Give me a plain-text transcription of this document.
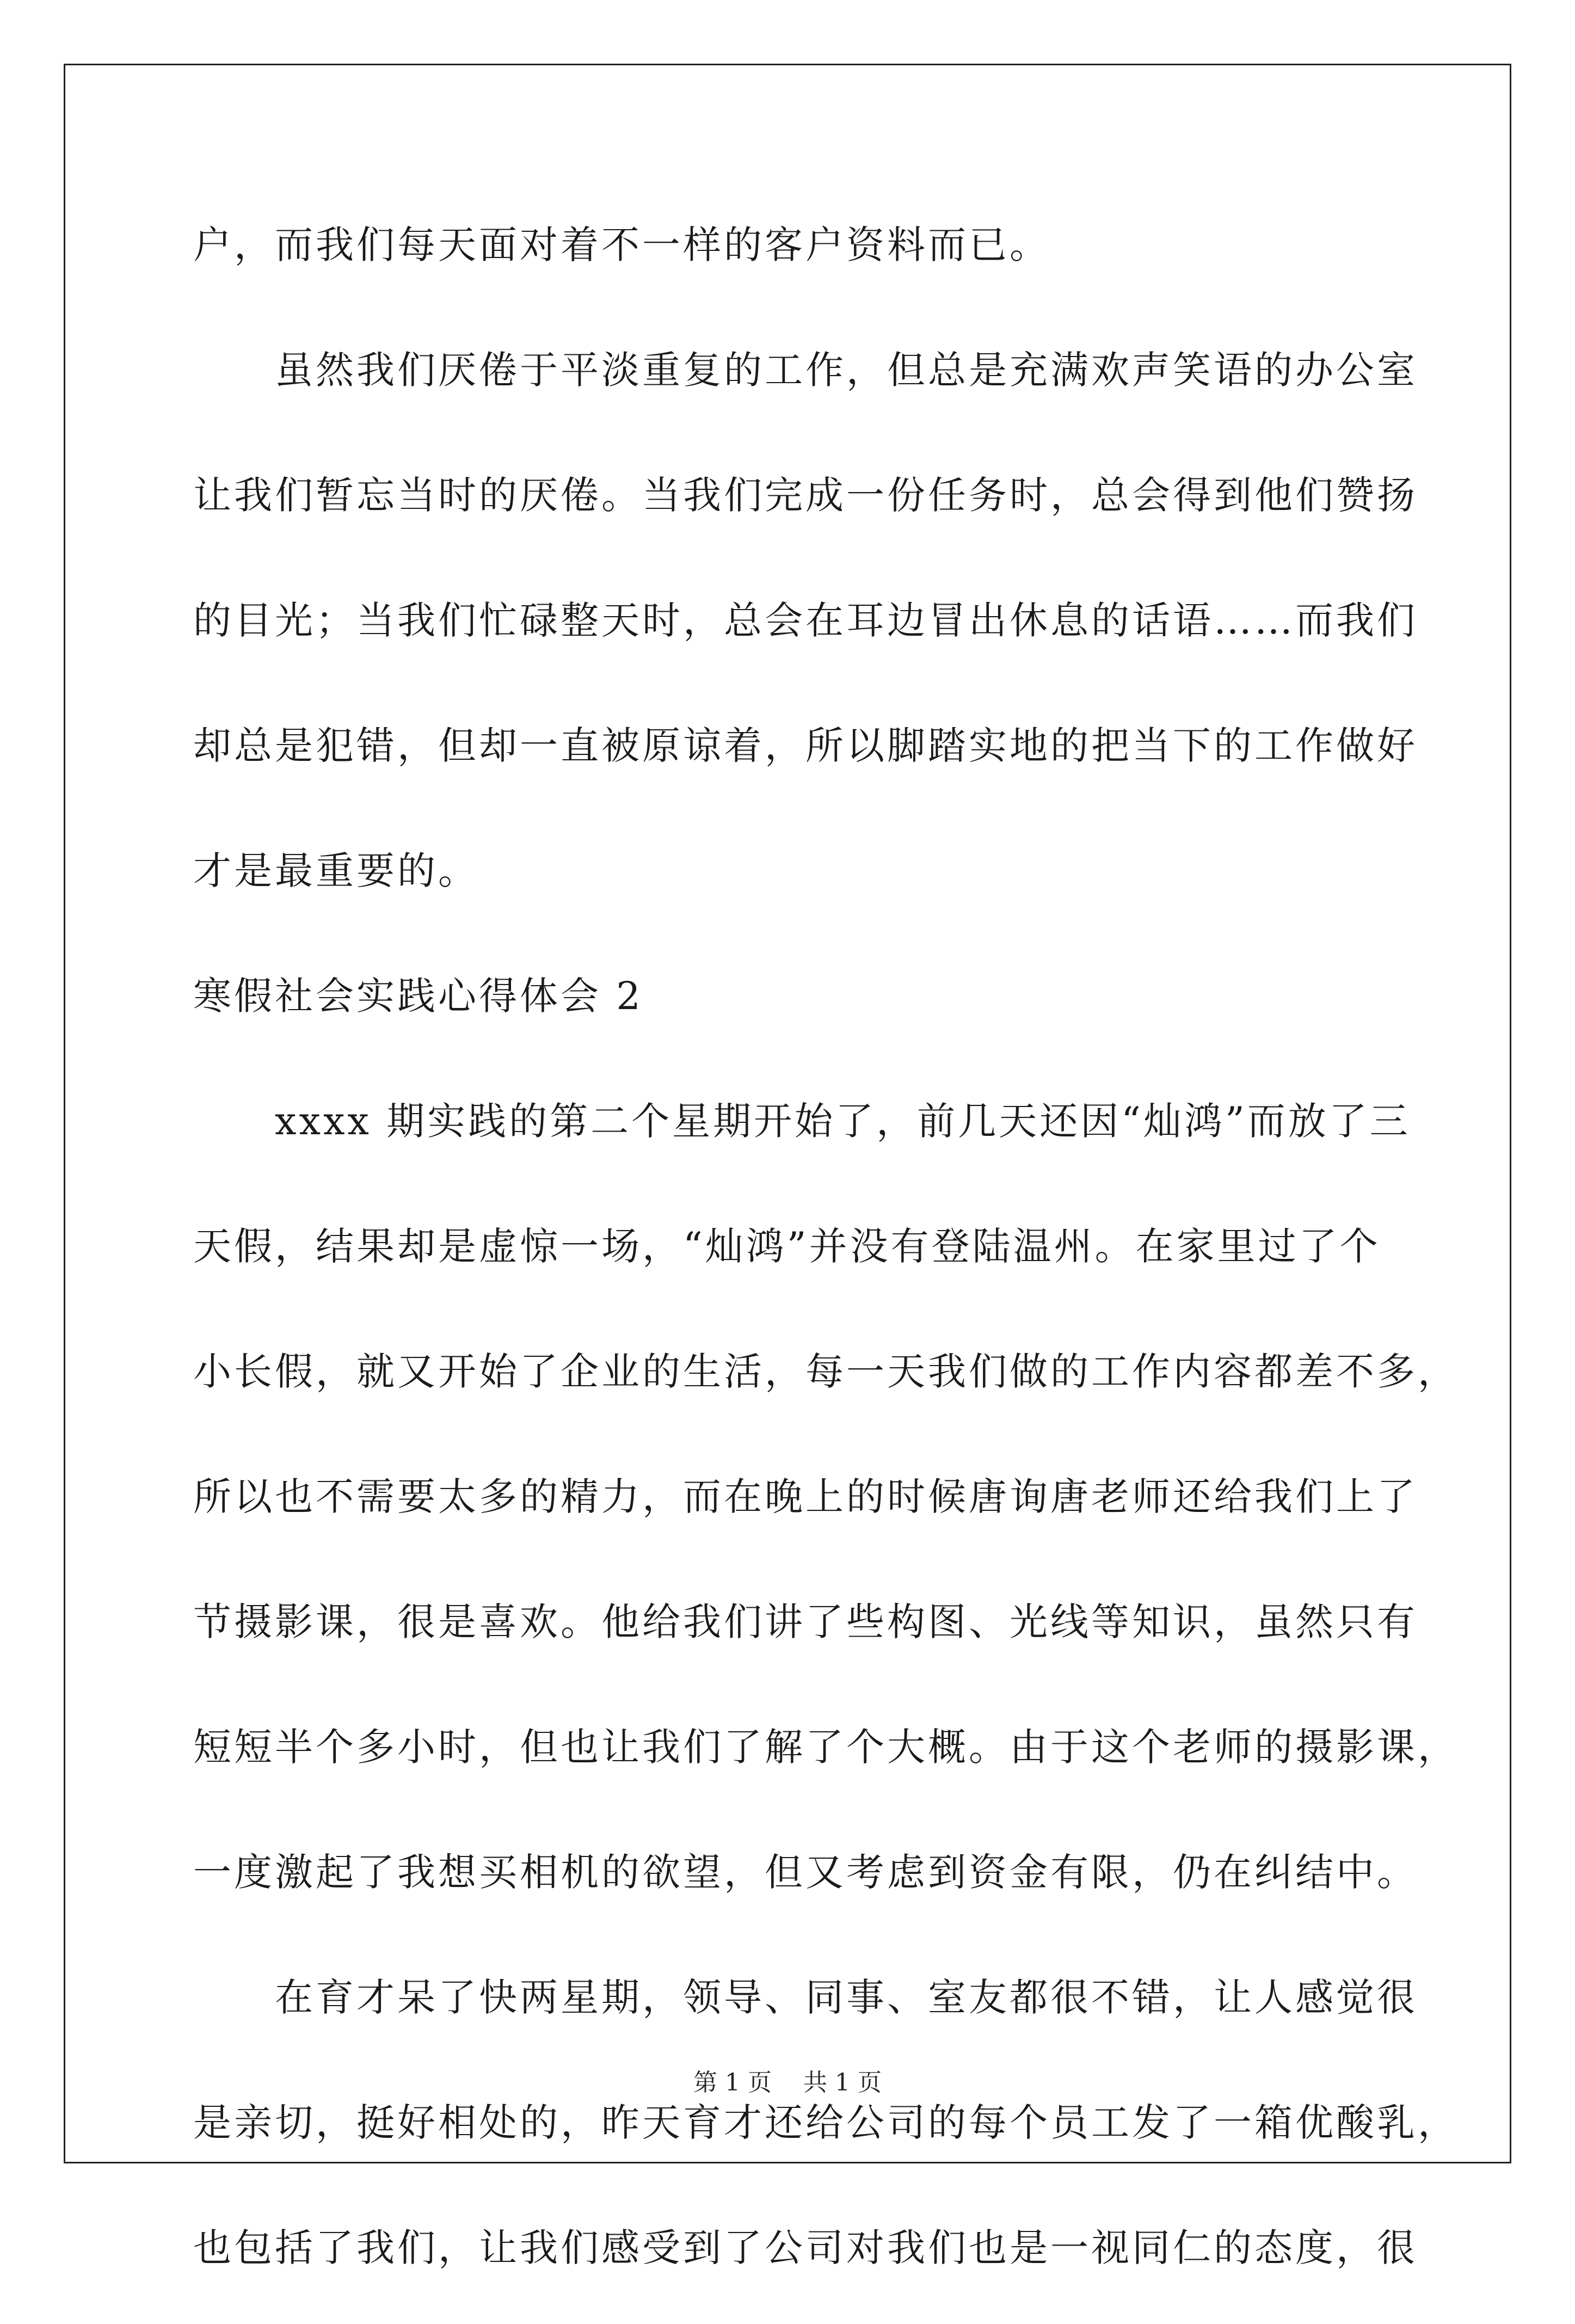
户，而我们每天面对着不一样的客户资料而已。
虽然我们厌倦于平淡重复的工作，但总是充满欢声笑语的办公室
让我们暂忘当时的厌倦。当我们完成一份任务时，总会得到他们赞扬
的目光；当我们忙碌整天时，总会在耳边冒出休息的话语……而我们
却总是犯错，但却一直被原谅着，所以脚踏实地的把当下的工作做好
才是最重要的。
寒假社会实践心得体会 2
xxxx 期实践的第二个星期开始了，前几天还因“灿鸿”而放了三
天假，结果却是虚惊一场，“灿鸿”并没有登陆温州。在家里过了个
小长假，就又开始了企业的生活，每一天我们做的工作内容都差不多，
所以也不需要太多的精力，而在晚上的时候唐询唐老师还给我们上了
节摄影课，很是喜欢。他给我们讲了些构图、光线等知识，虽然只有
短短半个多小时，但也让我们了解了个大概。由于这个老师的摄影课，
一度激起了我想买相机的欲望，但又考虑到资金有限，仍在纠结中。
在育才呆了快两星期，领导、同事、室友都很不错，让人感觉很
是亲切，挺好相处的，昨天育才还给公司的每个员工发了一箱优酸乳，
也包括了我们，让我们感受到了公司对我们也是一视同仁的态度，很
第 1 页 共 1 页
